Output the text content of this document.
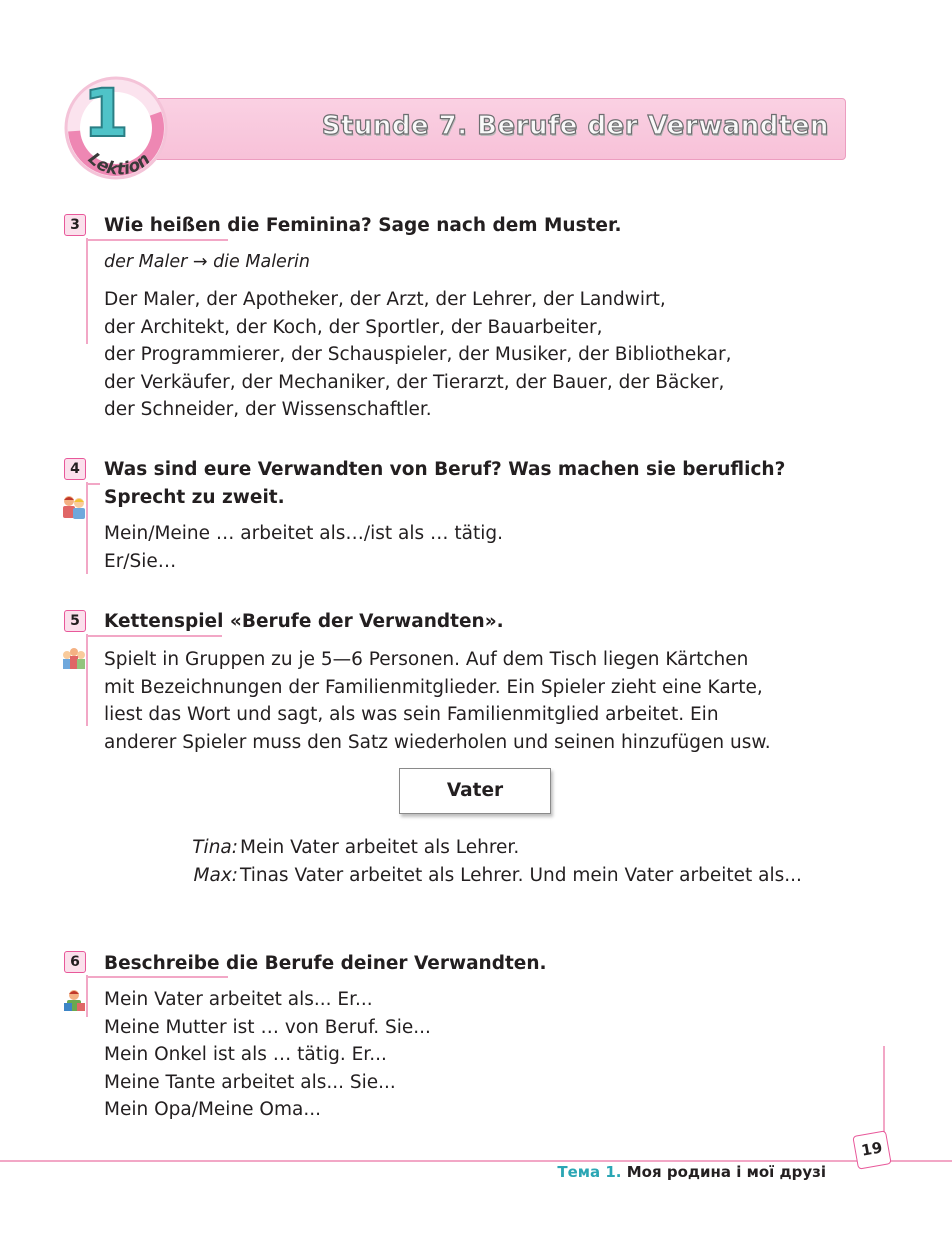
Stunde 7. Berufe der Verwandten
Lektion
1
3	Wie heißen die Feminina? Sage nach dem Muster.
der Maler → die Malerin
Der Maler, der Apotheker, der Arzt, der Lehrer, der Landwirt,
der Architekt, der Koch, der Sportler, der Bauarbeiter,
der Programmierer, der Schauspieler, der Musiker, der Bibliothekar,
der Verkäufer, der Mechaniker, der Tierarzt, der Bauer, der Bäcker,
der Schneider, der Wissenschaftler.
4	Was sind eure Verwandten von Beruf? Was machen sie beruflich?
Sprecht zu zweit.
Mein/Meine … arbeitet als…/ist als … tätig.
Er/Sie…
5	Kettenspiel «Berufe der Verwandten».
Spielt in Gruppen zu je 5—6 Personen. Auf dem Tisch liegen Kärtchen
mit Bezeichnungen der Familienmitglieder. Ein Spieler zieht eine Karte,
liest das Wort und sagt, als was sein Familienmitglied arbeitet. Ein
anderer Spieler muss den Satz wiederholen und seinen hinzufügen usw.
Vater
Tina: Mein Vater arbeitet als Lehrer.
Max: Tinas Vater arbeitet als Lehrer. Und mein Vater arbeitet als...
6	Beschreibe die Berufe deiner Verwandten.
Mein Vater arbeitet als... Er...
Meine Mutter ist … von Beruf. Sie...
Mein Onkel ist als … tätig. Er...
Meine Tante arbeitet als... Sie...
Mein Opa/Meine Oma...
19
Тема 1. Моя родина і мої друзі
